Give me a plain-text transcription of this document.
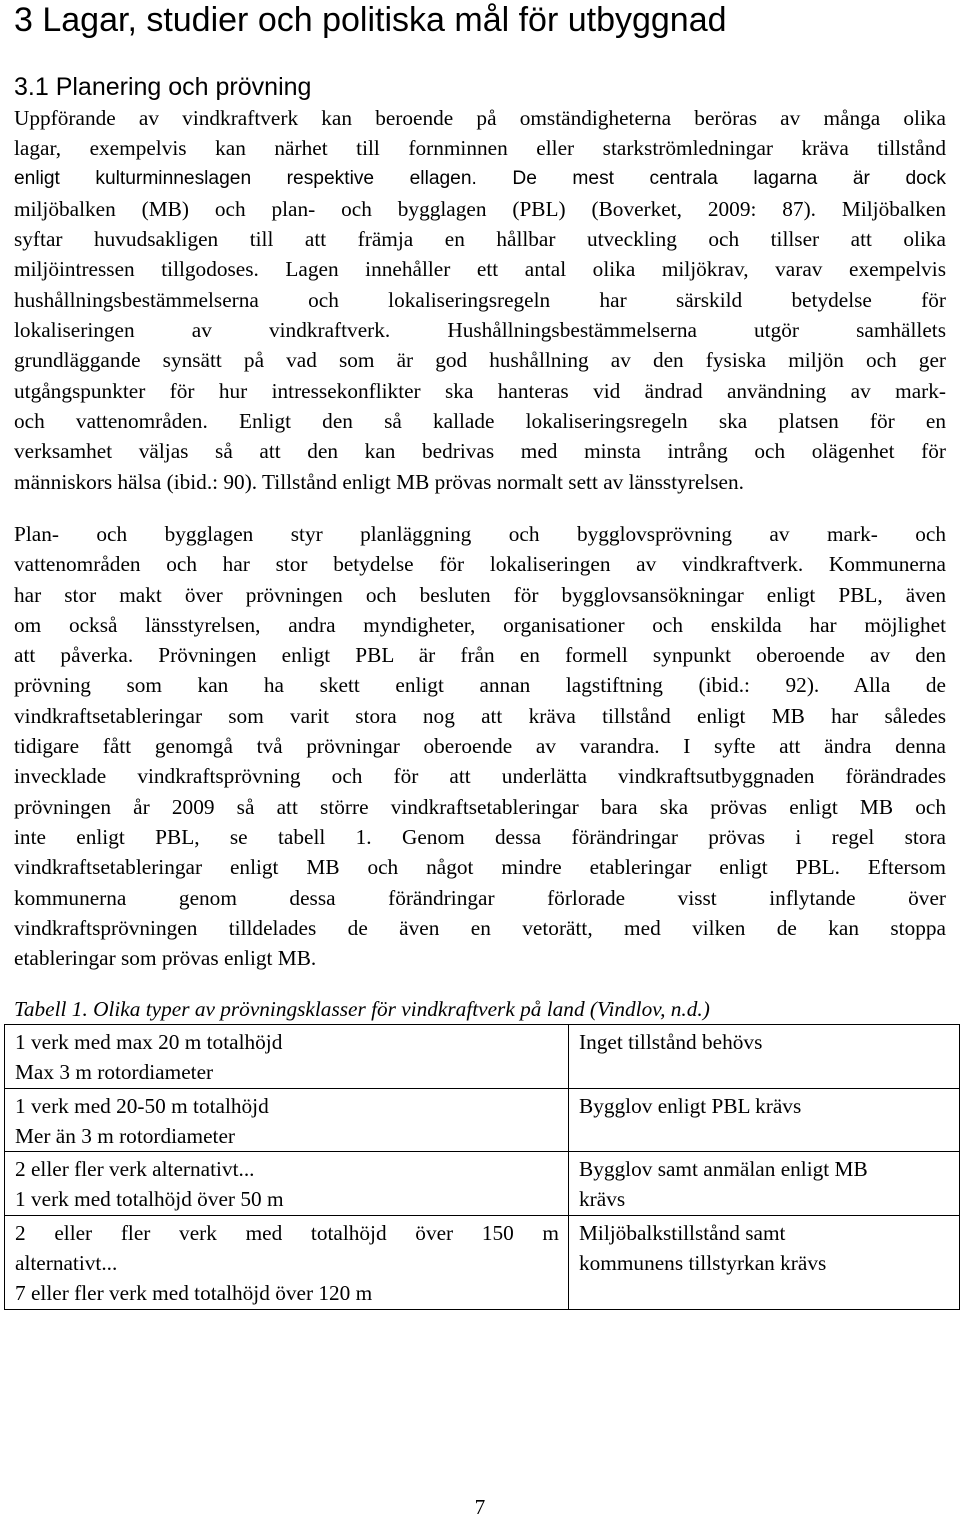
3 Lagar, studier och politiska mål för utbyggnad
3.1 Planering och prövning
Uppförande av vindkraftverk kan beroende på omständigheterna beröras av många olika
lagar, exempelvis kan närhet till fornminnen eller starkströmledningar kräva tillstånd
enligt kulturminneslagen respektive ellagen. De mest centrala lagarna är dock
miljöbalken (MB) och plan- och bygglagen (PBL) (Boverket, 2009: 87). Miljöbalken
syftar huvudsakligen till att främja en hållbar utveckling och tillser att olika
miljöintressen tillgodoses. Lagen innehåller ett antal olika miljökrav, varav exempelvis
hushållningsbestämmelserna och lokaliseringsregeln har särskild betydelse för
lokaliseringen av vindkraftverk. Hushållningsbestämmelserna utgör samhällets
grundläggande synsätt på vad som är god hushållning av den fysiska miljön och ger
utgångspunkter för hur intressekonflikter ska hanteras vid ändrad användning av mark-
och vattenområden. Enligt den så kallade lokaliseringsregeln ska platsen för en
verksamhet väljas så att den kan bedrivas med minsta intrång och olägenhet för
människors hälsa (ibid.: 90). Tillstånd enligt MB prövas normalt sett av länsstyrelsen.
Plan- och bygglagen styr planläggning och bygglovsprövning av mark- och
vattenområden och har stor betydelse för lokaliseringen av vindkraftverk. Kommunerna
har stor makt över prövningen och besluten för bygglovsansökningar enligt PBL, även
om också länsstyrelsen, andra myndigheter, organisationer och enskilda har möjlighet
att påverka. Prövningen enligt PBL är från en formell synpunkt oberoende av den
prövning som kan ha skett enligt annan lagstiftning (ibid.: 92). Alla de
vindkraftsetableringar som varit stora nog att kräva tillstånd enligt MB har således
tidigare fått genomgå två prövningar oberoende av varandra. I syfte att ändra denna
invecklade vindkraftsprövning och för att underlätta vindkraftsutbyggnaden förändrades
prövningen år 2009 så att större vindkraftsetableringar bara ska prövas enligt MB och
inte enligt PBL, se tabell 1. Genom dessa förändringar prövas i regel stora
vindkraftsetableringar enligt MB och något mindre etableringar enligt PBL. Eftersom
kommunerna genom dessa förändringar förlorade visst inflytande över
vindkraftsprövningen tilldelades de även en vetorätt, med vilken de kan stoppa
etableringar som prövas enligt MB.
Tabell 1. Olika typer av prövningsklasser för vindkraftverk på land (Vindlov, n.d.)
1 verk med max 20 m totalhöjd
Max 3 m rotordiameter	Inget tillstånd behövs

1 verk med 20-50 m totalhöjd
Mer än 3 m rotordiameter	Bygglov enligt PBL krävs

2 eller fler verk alternativt...
1 verk med totalhöjd över 50 m	Bygglov samt anmälan enligt MB
krävs

2 eller fler verk med totalhöjd över 150 m
alternativt...
7 eller fler verk med totalhöjd över 120 m	Miljöbalkstillstånd samt
kommunens tillstyrkan krävs
7
